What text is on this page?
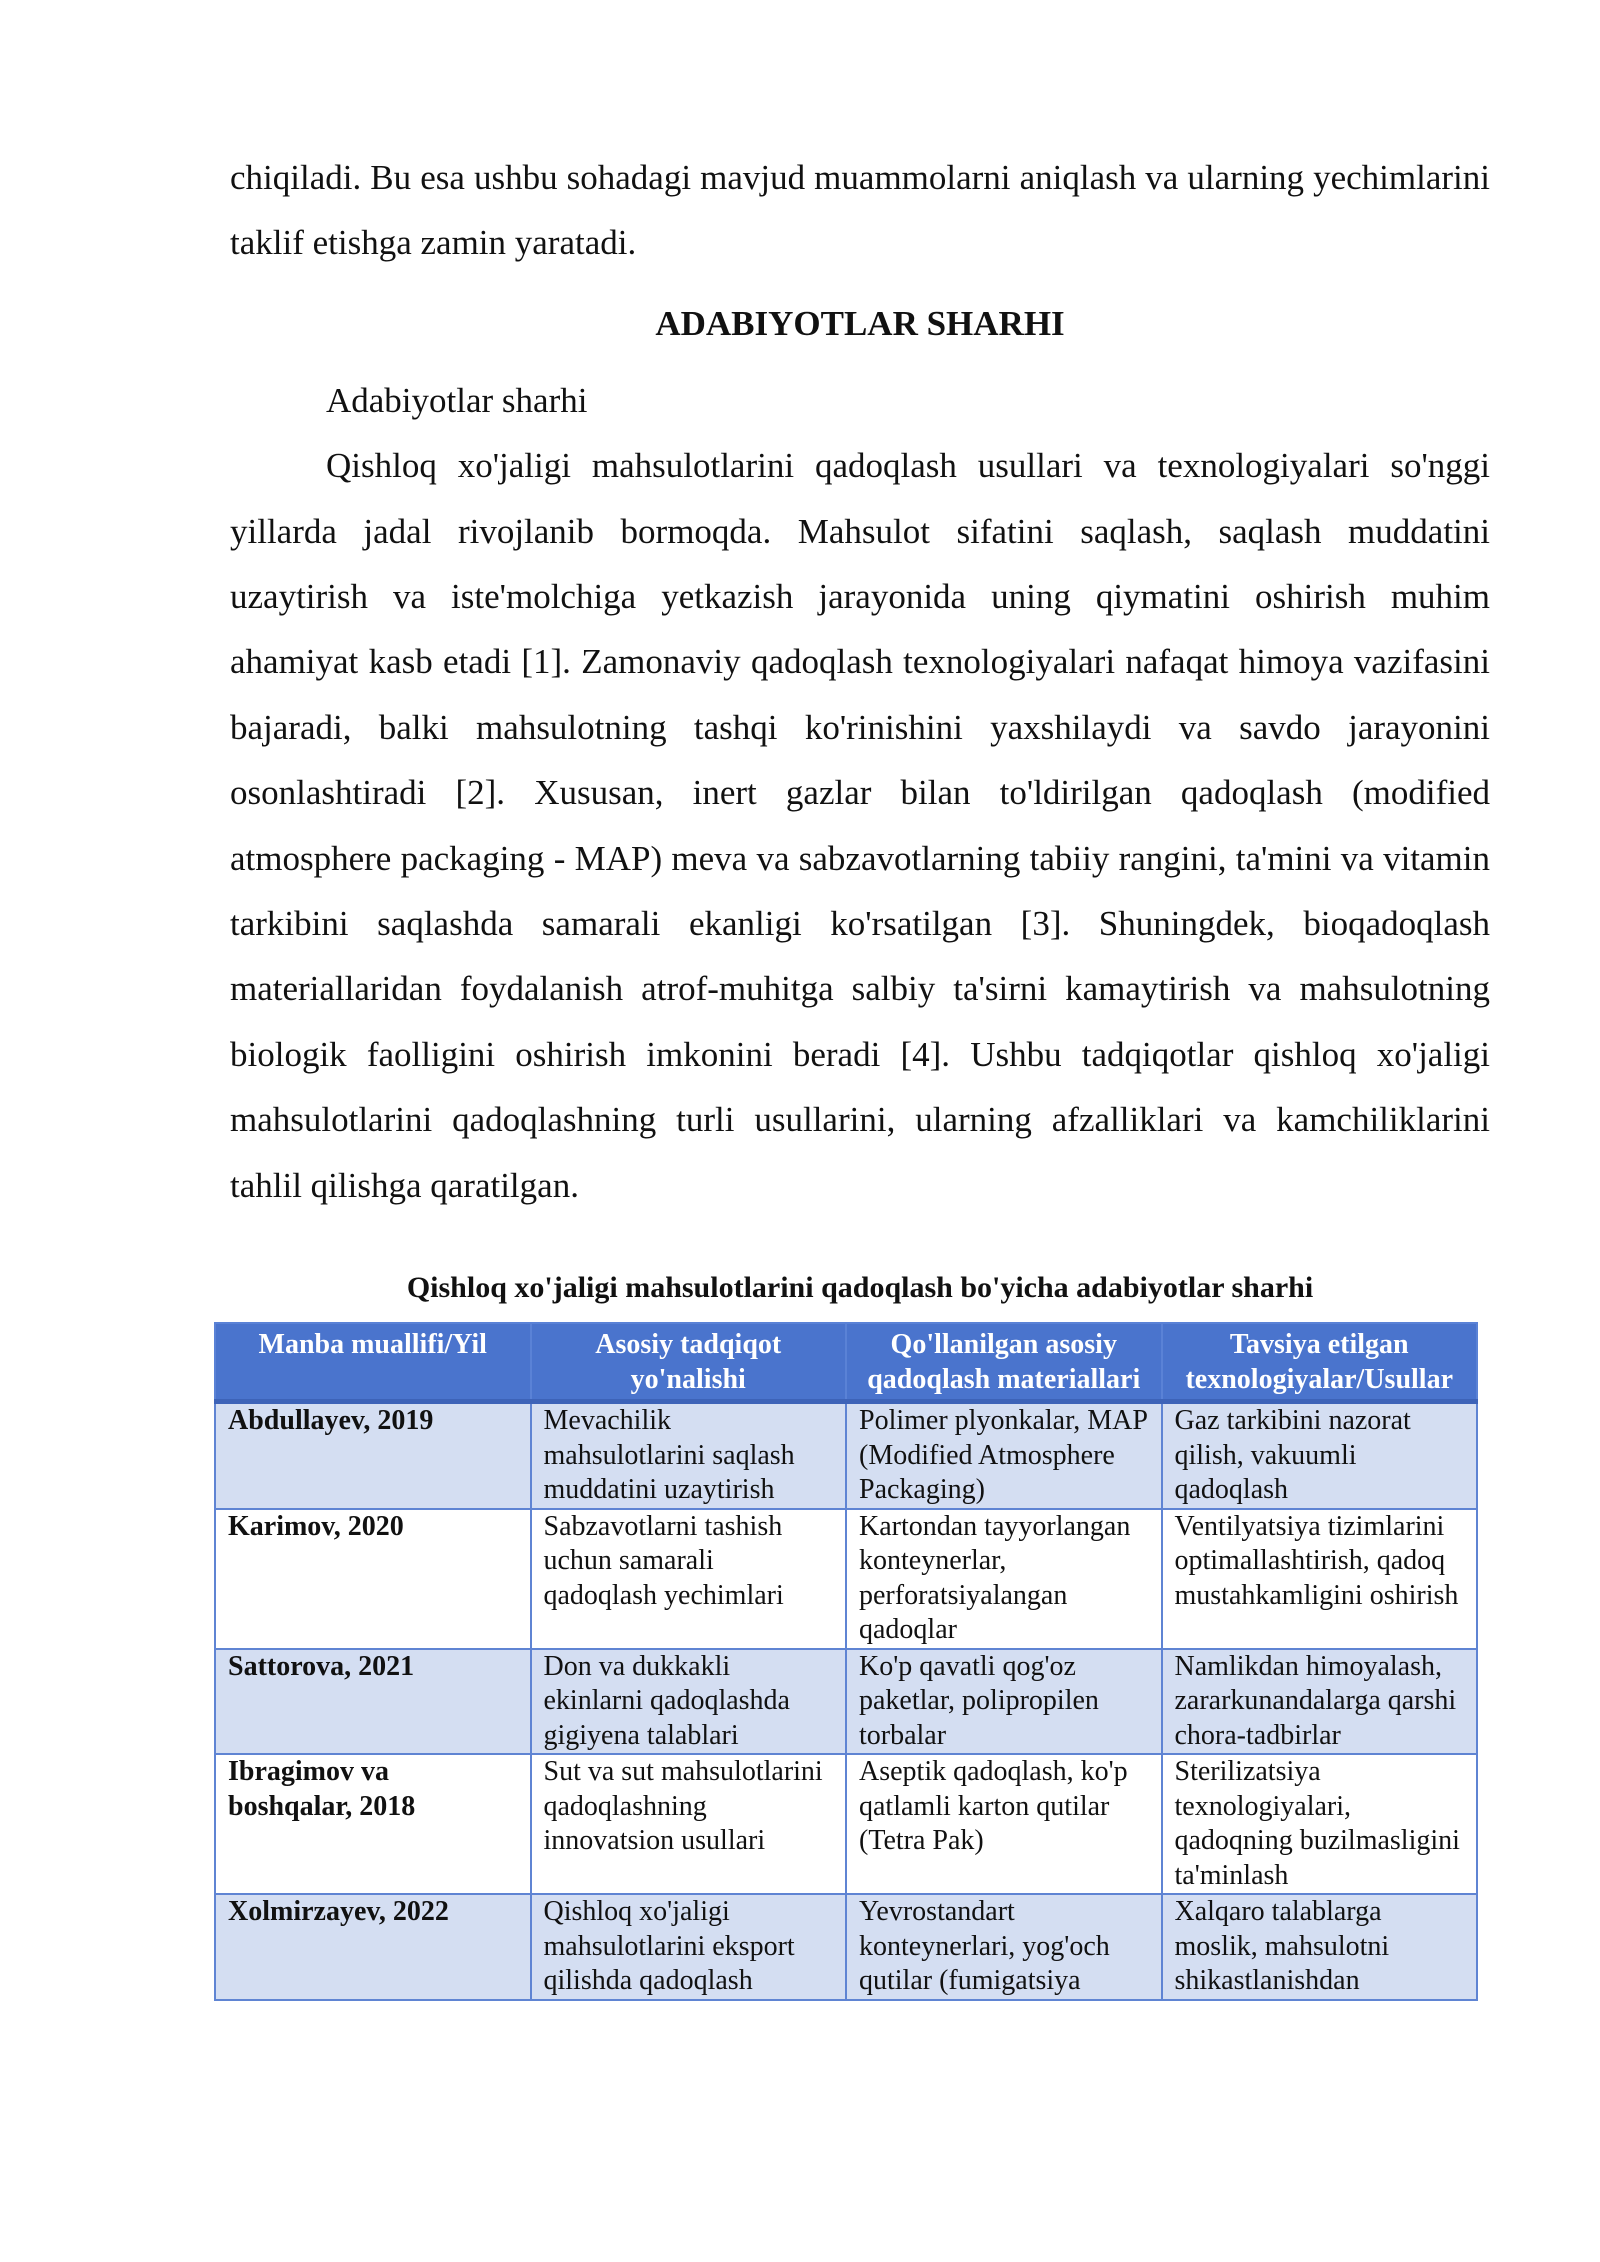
chiqiladi. Bu esa ushbu sohadagi mavjud muammolarni aniqlash va ularning yechimlarini taklif etishga zamin yaratadi.

ADABIYOTLAR SHARHI

Adabiyotlar sharhi

Qishloq xo'jaligi mahsulotlarini qadoqlash usullari va texnologiyalari so'nggi yillarda jadal rivojlanib bormoqda. Mahsulot sifatini saqlash, saqlash muddatini uzaytirish va iste'molchiga yetkazish jarayonida uning qiymatini oshirish muhim ahamiyat kasb etadi [1]. Zamonaviy qadoqlash texnologiyalari nafaqat himoya vazifasini bajaradi, balki mahsulotning tashqi ko'rinishini yaxshilaydi va savdo jarayonini osonlashtiradi [2]. Xususan, inert gazlar bilan to'ldirilgan qadoqlash (modified atmosphere packaging - MAP) meva va sabzavotlarning tabiiy rangini, ta'mini va vitamin tarkibini saqlashda samarali ekanligi ko'rsatilgan [3]. Shuningdek, bioqadoqlash materiallaridan foydalanish atrof-muhitga salbiy ta'sirni kamaytirish va mahsulotning biologik faolligini oshirish imkonini beradi [4]. Ushbu tadqiqotlar qishloq xo'jaligi mahsulotlarini qadoqlashning turli usullarini, ularning afzalliklari va kamchiliklarini tahlil qilishga qaratilgan.

Qishloq xo'jaligi mahsulotlarini qadoqlash bo'yicha adabiyotlar sharhi
Manba muallifi/Yil	Asosiy tadqiqot yo'nalishi	Qo'llanilgan asosiy qadoqlash materiallari	Tavsiya etilgan texnologiyalar/Usullar
Abdullayev, 2019	Mevachilik mahsulotlarini saqlash muddatini uzaytirish	Polimer plyonkalar, MAP (Modified Atmosphere Packaging)	Gaz tarkibini nazorat qilish, vakuumli qadoqlash
Karimov, 2020	Sabzavotlarni tashish uchun samarali qadoqlash yechimlari	Kartondan tayyorlangan konteynerlar, perforatsiyalangan qadoqlar	Ventilyatsiya tizimlarini optimallashtirish, qadoq mustahkamligini oshirish
Sattorova, 2021	Don va dukkakli ekinlarni qadoqlashda gigiyena talablari	Ko'p qavatli qog'oz paketlar, polipropilen torbalar	Namlikdan himoyalash, zararkunandalarga qarshi chora-tadbirlar
Ibragimov va boshqalar, 2018	Sut va sut mahsulotlarini qadoqlashning innovatsion usullari	Aseptik qadoqlash, ko'p qatlamli karton qutilar (Tetra Pak)	Sterilizatsiya texnologiyalari, qadoqning buzilmasligini ta'minlash
Xolmirzayev, 2022	Qishloq xo'jaligi mahsulotlarini eksport qilishda qadoqlash	Yevrostandart konteynerlari, yog'och qutilar (fumigatsiya	Xalqaro talablarga moslik, mahsulotni shikastlanishdan
